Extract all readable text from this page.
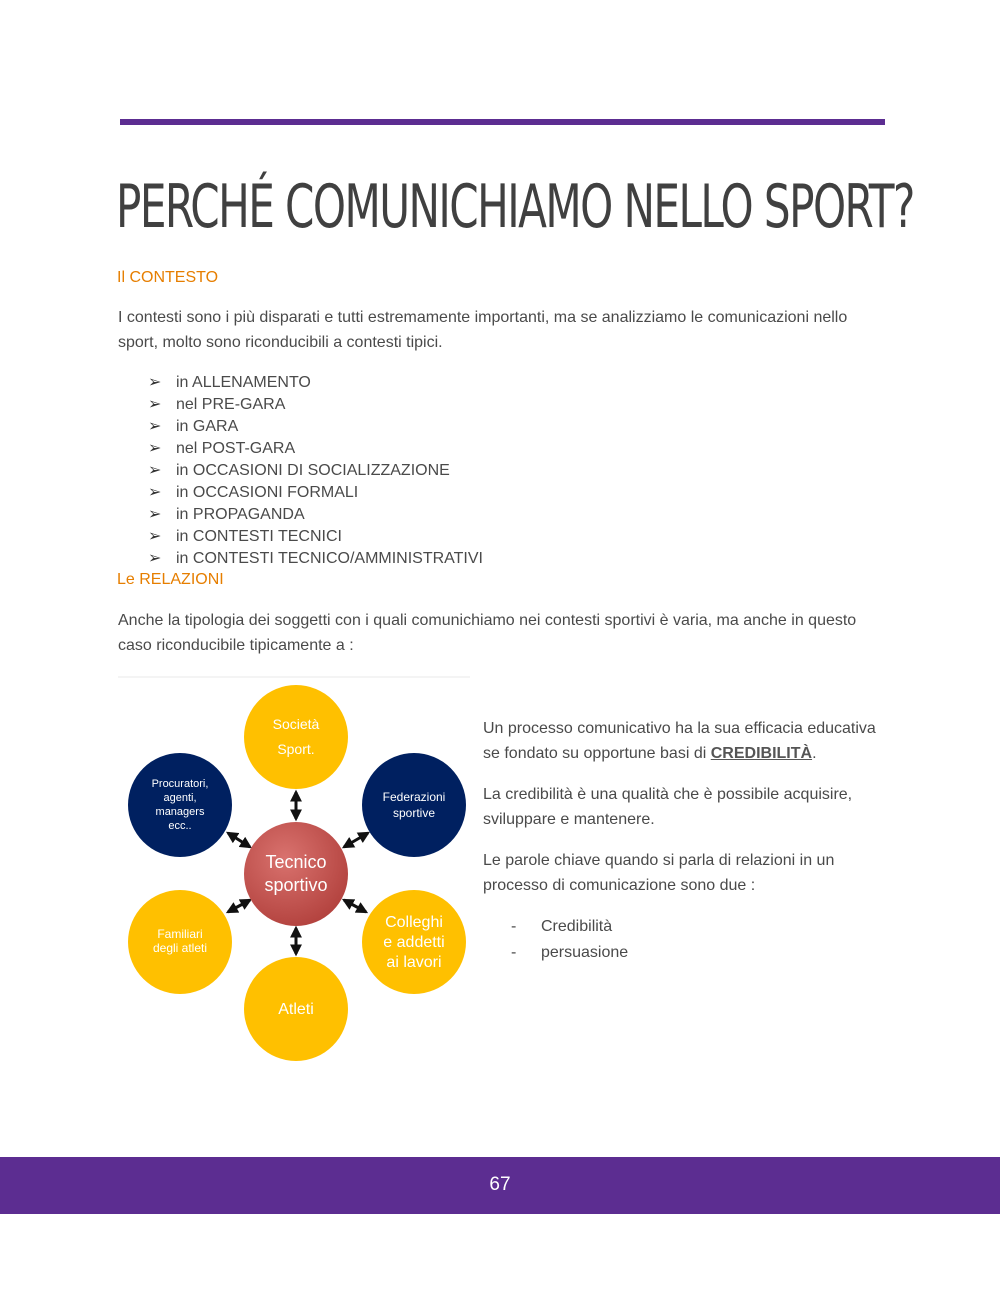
PERCHÉ COMUNICHIAMO NELLO SPORT?
Il CONTESTO

I contesti sono i più disparati e tutti estremamente importanti, ma se analizziamo le comunicazioni nello sport, molto sono riconducibili a contesti tipici.

➢ in ALLENAMENTO
➢ nel PRE-GARA
➢ in GARA
➢ nel POST-GARA
➢ in OCCASIONI DI SOCIALIZZAZIONE
➢ in OCCASIONI FORMALI
➢ in PROPAGANDA
➢ in CONTESTI TECNICI
➢ in CONTESTI TECNICO/AMMINISTRATIVI
Le RELAZIONI

Anche la tipologia dei soggetti con i quali comunichiamo nei contesti sportivi è varia, ma anche in questo caso riconducibile tipicamente a :

Società
Sport.
Procuratori,
agenti,
managers
ecc..
Federazioni
sportive
Tecnico
sportivo
Familiari
degli atleti
Colleghi
e addetti
ai lavori
Atleti

Un processo comunicativo ha la sua efficacia educativa se fondato su opportune basi di CREDIBILITÀ.

La credibilità è una qualità che è possibile acquisire, sviluppare e mantenere.

Le parole chiave quando si parla di relazioni in un processo di comunicazione sono due :

- Credibilità
- persuasione
67
